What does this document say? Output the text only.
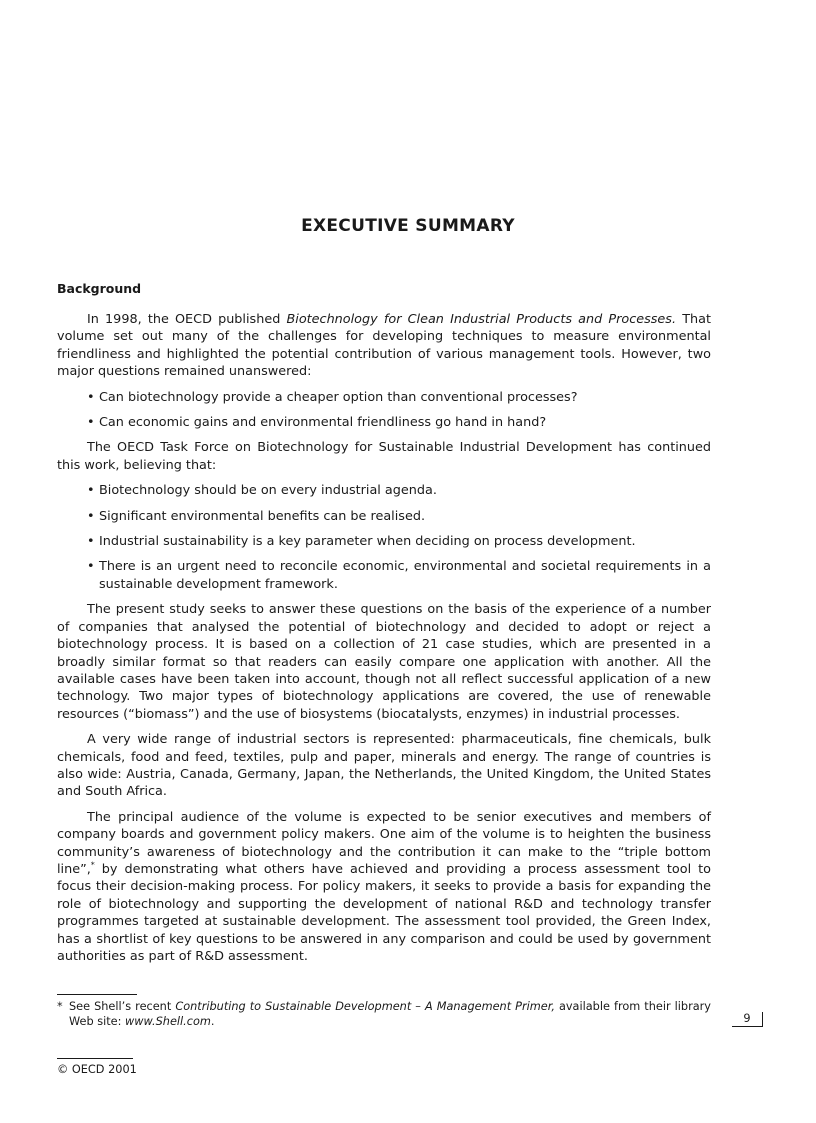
EXECUTIVE SUMMARY
Background

In 1998, the OECD published Biotechnology for Clean Industrial Products and Processes. That volume set out many of the challenges for developing techniques to measure environmental friendliness and highlighted the potential contribution of various management tools. However, two major questions remained unanswered:

• Can biotechnology provide a cheaper option than conventional processes?
• Can economic gains and environmental friendliness go hand in hand?

The OECD Task Force on Biotechnology for Sustainable Industrial Development has continued this work, believing that:

• Biotechnology should be on every industrial agenda.
• Significant environmental benefits can be realised.
• Industrial sustainability is a key parameter when deciding on process development.
• There is an urgent need to reconcile economic, environmental and societal requirements in a sustainable development framework.

The present study seeks to answer these questions on the basis of the experience of a number of companies that analysed the potential of biotechnology and decided to adopt or reject a biotechnology process. It is based on a collection of 21 case studies, which are presented in a broadly similar format so that readers can easily compare one application with another. All the available cases have been taken into account, though not all reflect successful application of a new technology. Two major types of biotechnology applications are covered, the use of renewable resources (“biomass”) and the use of biosystems (biocatalysts, enzymes) in industrial processes.

A very wide range of industrial sectors is represented: pharmaceuticals, fine chemicals, bulk chemicals, food and feed, textiles, pulp and paper, minerals and energy. The range of countries is also wide: Austria, Canada, Germany, Japan, the Netherlands, the United Kingdom, the United States and South Africa.

The principal audience of the volume is expected to be senior executives and members of company boards and government policy makers. One aim of the volume is to heighten the business community’s awareness of biotechnology and the contribution it can make to the “triple bottom line”,* by demonstrating what others have achieved and providing a process assessment tool to focus their decision-making process. For policy makers, it seeks to provide a basis for expanding the role of biotechnology and supporting the development of national R&D and technology transfer programmes targeted at sustainable development. The assessment tool provided, the Green Index, has a shortlist of key questions to be answered in any comparison and could be used by government authorities as part of R&D assessment.

* See Shell’s recent Contributing to Sustainable Development – A Management Primer, available from their library Web site: www.Shell.com.	9
© OECD 2001
